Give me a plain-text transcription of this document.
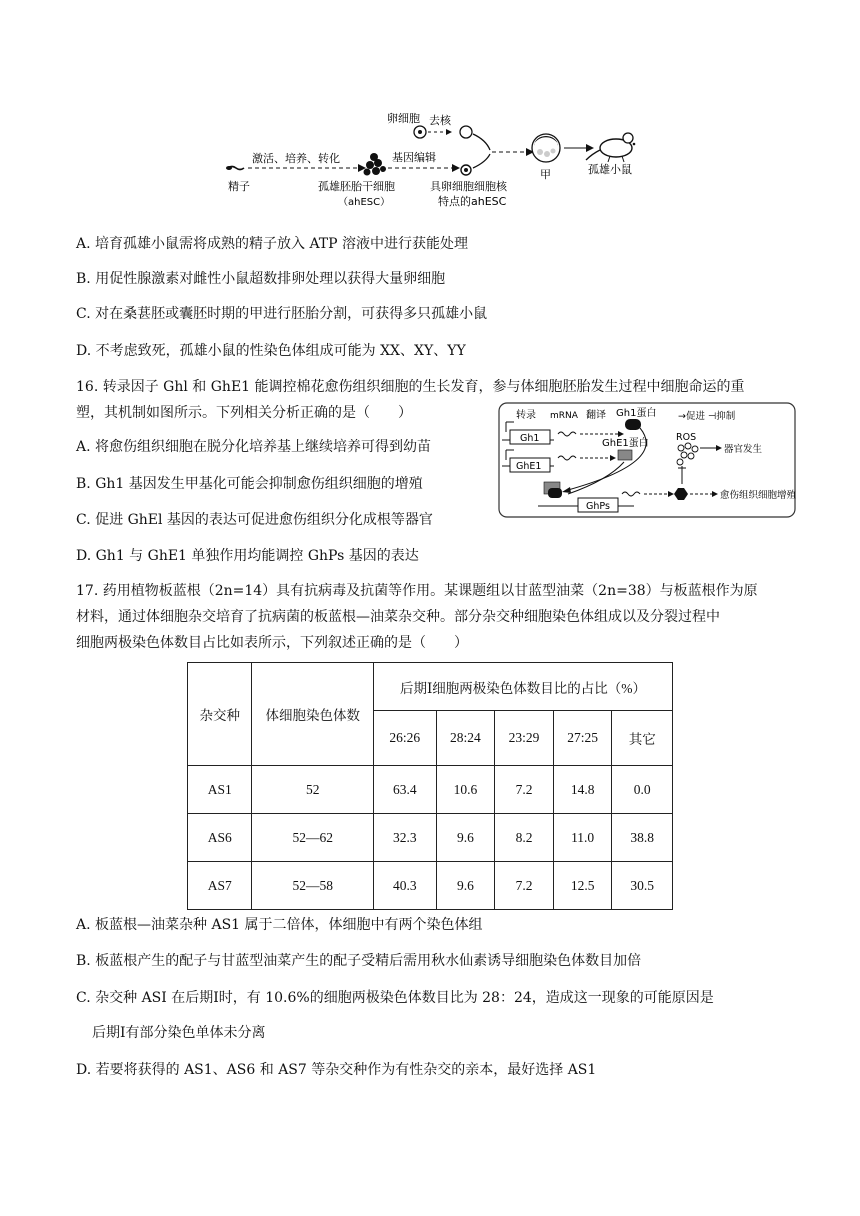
精子
激活、培养、转化
孤雄胚胎干细胞
（ahESC）
基因编辑
具卵细胞细胞核
特点的ahESC
卵细胞 去核
甲	孤雄小鼠
A. 培育孤雄小鼠需将成熟的精子放入 ATP 溶液中进行获能处理
B. 用促性腺激素对雌性小鼠超数排卵处理以获得大量卵细胞
C. 对在桑葚胚或囊胚时期的甲进行胚胎分割，可获得多只孤雄小鼠
D. 不考虑致死，孤雄小鼠的性染色体组成可能为 XX、XY、YY
16. 转录因子 Ghl 和 GhE1 能调控棉花愈伤组织细胞的生长发育，参与体细胞胚胎发生过程中细胞命运的重
塑，其机制如图所示。下列相关分析正确的是（　　）
A. 将愈伤组织细胞在脱分化培养基上继续培养可得到幼苗
B. Gh1 基因发生甲基化可能会抑制愈伤组织细胞的增殖
C. 促进 GhEl 基因的表达可促进愈伤组织分化成根等器官
D. Gh1 与 GhE1 单独作用均能调控 GhPs 基因的表达
转录 mRNA 翻译 Gh1蛋白 →促进 ⊣抑制
Gh1	GhE1蛋白
GhE1
GhPs
愈伤组织细胞增殖
ROS
器官发生
17. 药用植物板蓝根（2n=14）具有抗病毒及抗菌等作用。某课题组以甘蓝型油菜（2n=38）与板蓝根作为原
材料，通过体细胞杂交培育了抗病菌的板蓝根—油菜杂交种。部分杂交种细胞染色体组成以及分裂过程中
细胞两极染色体数目占比如表所示，下列叙述正确的是（　　）
杂交种	体细胞染色体数	后期Ⅰ细胞两极染色体数目比的占比（%）				
		26:26	28:24	23:29	27:25	其它
AS1	52	63.4	10.6	7.2	14.8	0.0
AS6	52—62	32.3	9.6	8.2	11.0	38.8
AS7	52—58	40.3	9.6	7.2	12.5	30.5
A. 板蓝根—油菜杂种 AS1 属于二倍体，体细胞中有两个染色体组
B. 板蓝根产生的配子与甘蓝型油菜产生的配子受精后需用秋水仙素诱导细胞染色体数目加倍
C. 杂交种 ASI 在后期Ⅰ时，有 10.6%的细胞两极染色体数目比为 28：24，造成这一现象的可能原因是
后期Ⅰ有部分染色单体未分离
D. 若要将获得的 AS1、AS6 和 AS7 等杂交种作为有性杂交的亲本，最好选择 AS1
